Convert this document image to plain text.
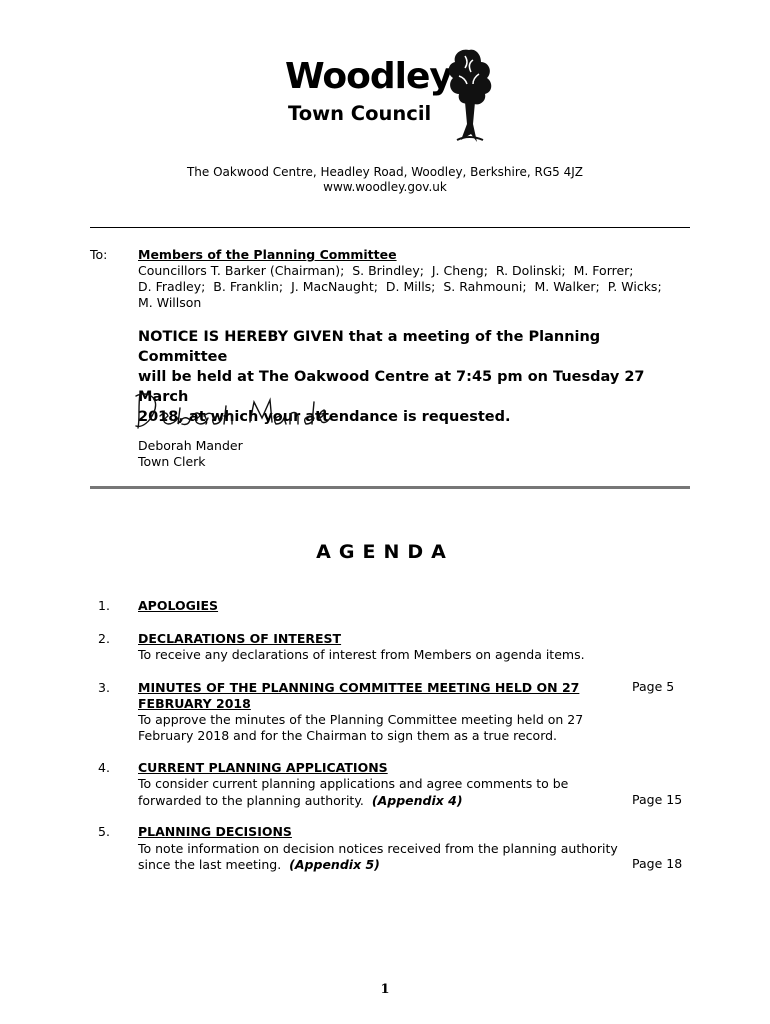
Woodley
Town Council
The Oakwood Centre, Headley Road, Woodley, Berkshire, RG5 4JZ
www.woodley.gov.uk
To: Members of the Planning Committee
Councillors T. Barker (Chairman);  S. Brindley;  J. Cheng;  R. Dolinski;  M. Forrer;
D. Fradley;  B. Franklin;  J. MacNaught;  D. Mills;  S. Rahmouni;  M. Walker;  P. Wicks;
M. Willson
NOTICE IS HEREBY GIVEN that a meeting of the Planning Committee
will be held at The Oakwood Centre at 7:45 pm on Tuesday 27 March
2018, at which your attendance is requested.
Deborah Mander
Town Clerk
AGENDA
1. APOLOGIES
2. DECLARATIONS OF INTEREST
To receive any declarations of interest from Members on agenda items.
3. MINUTES OF THE PLANNING COMMITTEE MEETING HELD ON 27
FEBRUARY 2018
To approve the minutes of the Planning Committee meeting held on 27
February 2018 and for the Chairman to sign them as a true record.
Page 5
4. CURRENT PLANNING APPLICATIONS
To consider current planning applications and agree comments to be
forwarded to the planning authority. (Appendix 4)	Page 15
5. PLANNING DECISIONS
To note information on decision notices received from the planning authority
since the last meeting. (Appendix 5)	Page 18
1
